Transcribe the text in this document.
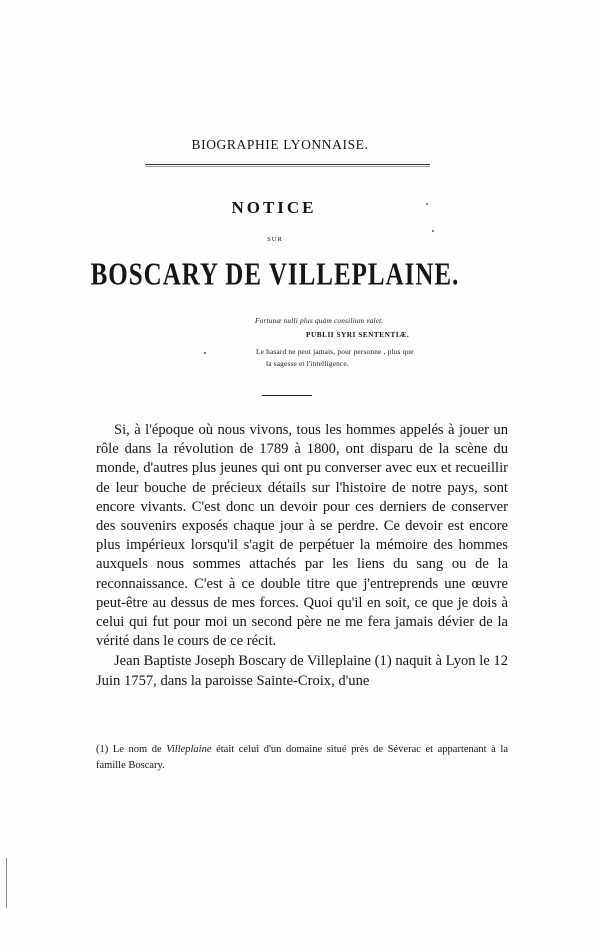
BIOGRAPHIE LYONNAISE.
NOTICE
SUR
BOSCARY DE VILLEPLAINE.
Fortunæ nulli plus quàm consilium valet.
PUBLII SYRI SENTENTIÆ.
Le hasard ne peut jamais, pour personne , plus que
la sagesse et l'intelligence.

Si, à l'époque où nous vivons, tous les hommes appelés à jouer un rôle dans la révolution de 1789 à 1800, ont disparu de la scène du monde, d'autres plus jeunes qui ont pu converser avec eux et recueillir de leur bouche de précieux détails sur l'histoire de notre pays, sont encore vivants. C'est donc un devoir pour ces derniers de conserver des souvenirs exposés chaque jour à se perdre. Ce devoir est encore plus impérieux lorsqu'il s'agit de perpétuer la mémoire des hommes auxquels nous sommes attachés par les liens du sang ou de la reconnaissance. C'est à ce double titre que j'entreprends une œuvre peut-être au dessus de mes forces. Quoi qu'il en soit, ce que je dois à celui qui fut pour moi un second père ne me fera jamais dévier de la vérité dans le cours de ce récit.

Jean Baptiste Joseph Boscary de Villeplaine (1) naquit à Lyon le 12 Juin 1757, dans la paroisse Sainte-Croix, d'une

(1) Le nom de Villeplaine était celui d'un domaine situé près de Séverac et appartenant à la famille Boscary.
